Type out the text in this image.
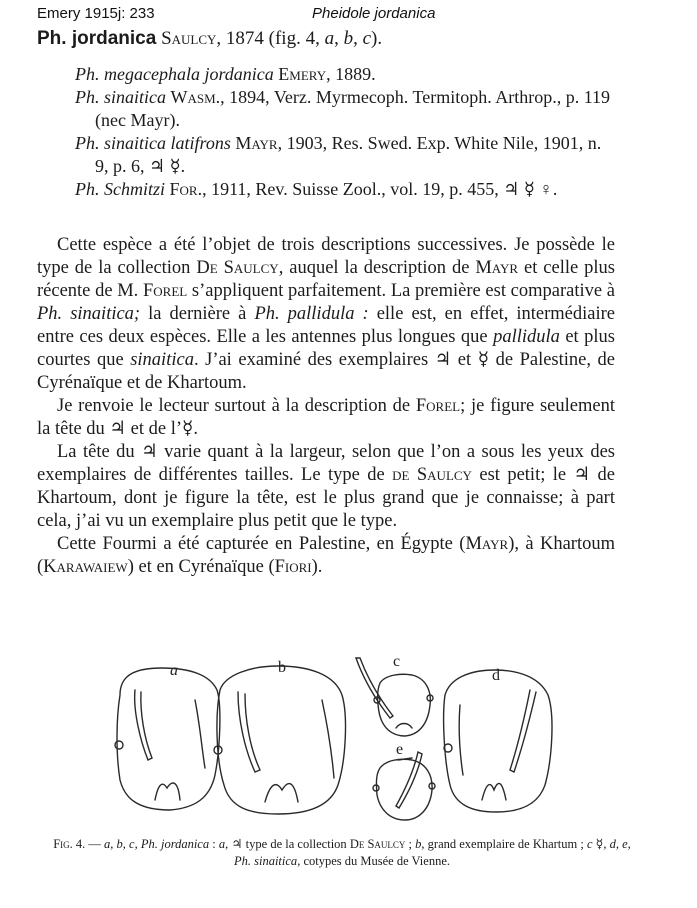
Emery 1915j: 233	Pheidole jordanica
Ph. jordanica Saulcy, 1874 (fig. 4, a, b, c).

Ph. megacephala jordanica Emery, 1889.

Ph. sinaitica Wasm., 1894, Verz. Myrmecoph. Termitoph. Arthrop., p. 119 (nec Mayr).

Ph. sinaitica latifrons Mayr, 1903, Res. Swed. Exp. White Nile, 1901, n. 9, p. 6, ♃ ☿.

Ph. Schmitzi For., 1911, Rev. Suisse Zool., vol. 19, p. 455, ♃ ☿ ♀.

Cette espèce a été l’objet de trois descriptions successives. Je possède le type de la collection De Saulcy, auquel la description de Mayr et celle plus récente de M. Forel s’appliquent parfaitement. La première est comparative à Ph. sinaitica; la dernière à Ph. pallidula : elle est, en effet, intermédiaire entre ces deux espèces. Elle a les antennes plus longues que pallidula et plus courtes que sinaitica. J’ai examiné des exemplaires ♃ et ☿ de Palestine, de Cyrénaïque et de Khartoum.

Je renvoie le lecteur surtout à la description de Forel; je figure seulement la tête du ♃ et de l’☿.

La tête du ♃ varie quant à la largeur, selon que l’on a sous les yeux des exemplaires de différentes tailles. Le type de de Saulcy est petit; le ♃ de Khartoum, dont je figure la tête, est le plus grand que je connaisse; à part cela, j’ai vu un exemplaire plus petit que le type.

Cette Fourmi a été capturée en Palestine, en Égypte (Mayr), à Khartoum (Karawaiew) et en Cyrénaïque (Fiori).

a	b	c
d
e
Fig. 4. — a, b, c, Ph. jordanica : a, ♃ type de la collection De Saulcy ; b, grand exemplaire de Khartum ; c ☿, d, e, Ph. sinaitica, cotypes du Musée de Vienne.
